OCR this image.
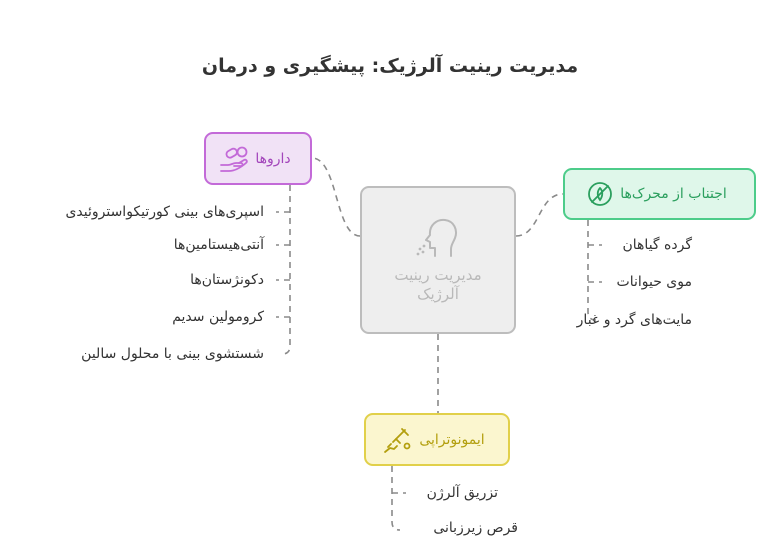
مدیریت رینیت آلرژیک: پیشگیری و درمان
مدیریت رینیت آلرژیک
داروها
اجتناب از محرک‌ها
ایمونوتراپی
اسپری‌های بینی کورتیکواستروئیدی
آنتی‌هیستامین‌ها
دکونژستان‌ها
کرومولین سدیم
شستشوی بینی با محلول سالین
گرده گیاهان
موی حیوانات
مایت‌های گرد و غبار
تزریق آلرژن
قرص زیرزبانی
